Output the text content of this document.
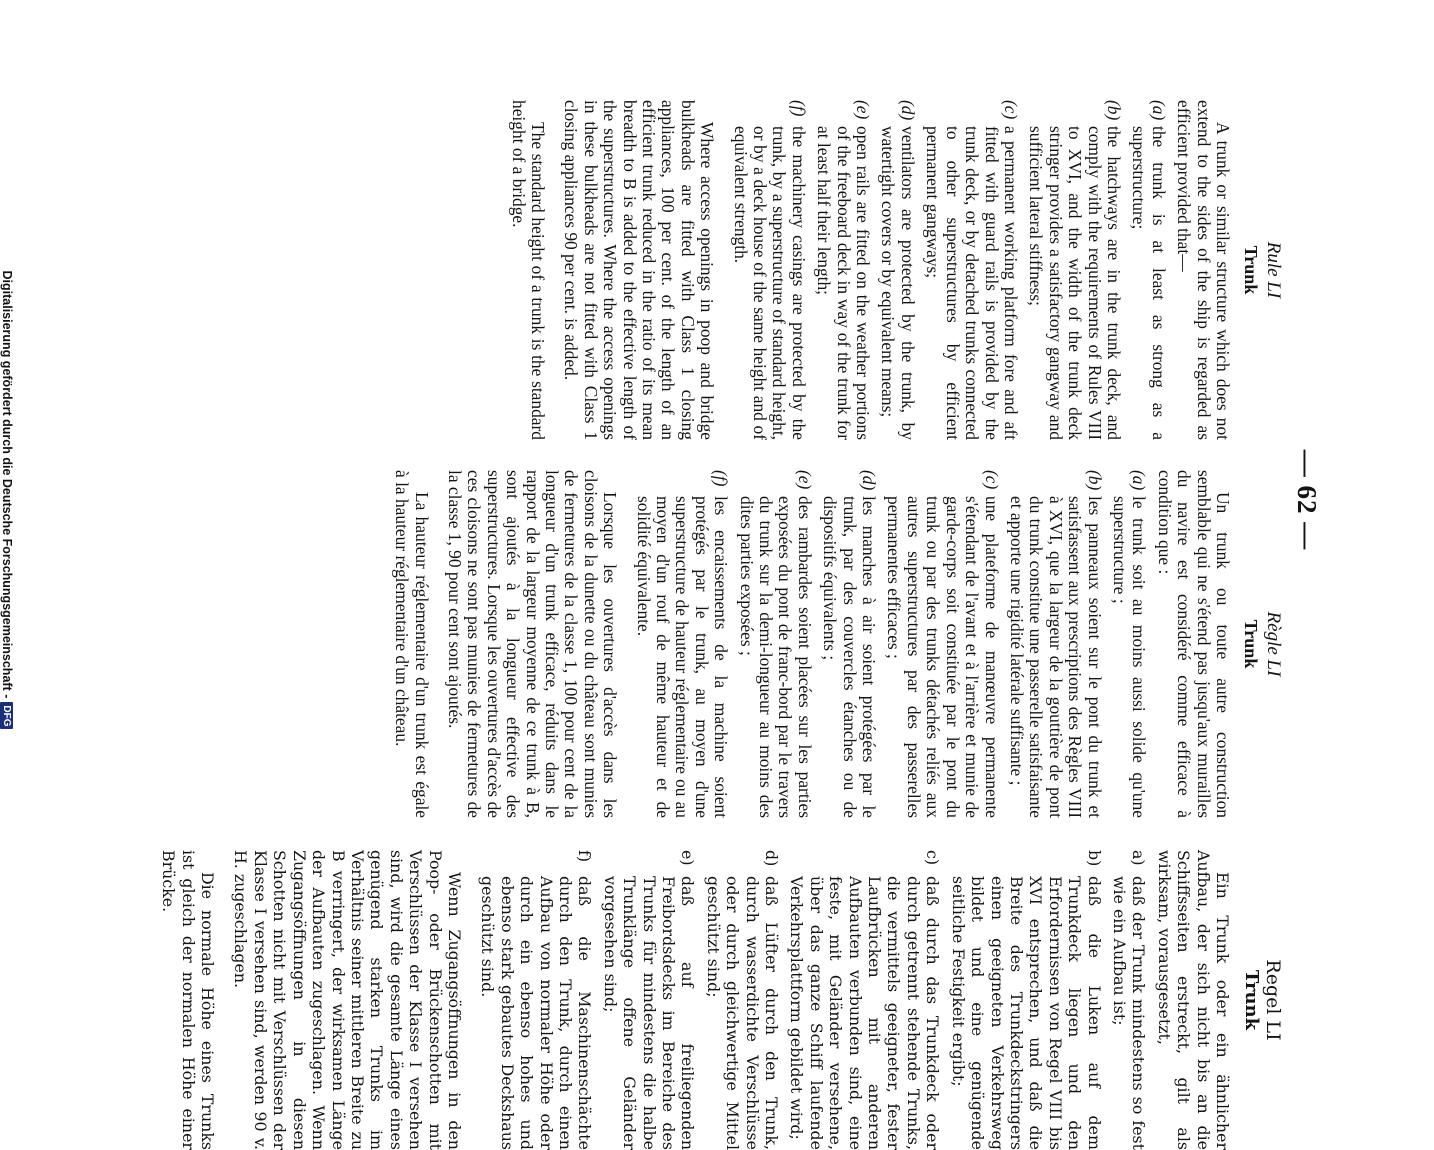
— 62 —
Rule LI
Trunk

A trunk or similar structure which does not extend to the sides of the ship is regarded as efficient provided that—

(a)
the trunk is at least as strong as a superstructure;
(b)
the hatchways are in the trunk deck, and comply with the requirements of Rules VIII to XVI, and the width of the trunk deck stringer provides a satisfactory gangway and sufficient lateral stiffness;
(c)
a permanent working platform fore and aft fitted with guard rails is provided by the trunk deck, or by detached trunks connected to other superstructures by efficient permanent gangways;
(d)
ventilators are protected by the trunk, by watertight covers or by equivalent means;
(e)
open rails are fitted on the weather portions of the freeboard deck in way of the trunk for at least half their length;
(f)
the machinery casings are protected by the trunk, by a superstructure of standard height, or by a deck house of the same height and of equivalent strength.

Where access openings in poop and bridge bulkheads are fitted with Class 1 closing appliances, 100 per cent. of the length of an efficient trunk reduced in the ratio of its mean breadth to B is added to the effective length of the superstructures. Where the access openings in these bulkheads are not fitted with Class 1 closing appliances 90 per cent. is added.

The standard height of a trunk is the standard height of a bridge.

Règle LI
Trunk

Un trunk ou toute autre construction semblable qui ne s'étend pas jusqu'aux murailles du navire est considéré comme efficace à condition que :

(a)
le trunk soit au moins aussi solide qu'une superstructure ;
(b)
les panneaux soient sur le pont du trunk et satisfassent aux prescriptions des Règles VIII à XVI, que la largeur de la gouttière de pont du trunk constitue une passerelle satisfaisante et apporte une rigidité latérale suffisante ;
(c)
une plateforme de manœuvre permanente s'étendant de l'avant et à l'arrière et munie de garde-corps soit constituée par le pont du trunk ou par des trunks détachés reliés aux autres superstructures par des passerelles permanentes efficaces ;
(d)
les manches à air soient protégées par le trunk, par des couvercles étanches ou de dispositifs équivalents ;
(e)
des rambardes soient placées sur les parties exposées du pont de franc-bord par le travers du trunk sur la demi-longueur au moins des dites parties exposées ;
(f)
les encaissements de la machine soient protégés par le trunk, au moyen d'une superstructure de hauteur réglementaire ou au moyen d'un rouf de même hauteur et de solidité équivalente.

Lorsque les ouvertures d'accès dans les cloisons de la dunette ou du château sont munies de fermetures de la classe 1, 100 pour cent de la longueur d'un trunk efficace, réduits dans le rapport de la largeur moyenne de ce trunk à B, sont ajoutés à la longueur effective des superstructures. Lorsque les ouvertures d'accès de ces cloisons ne sont pas munies de fermetures de la classe 1, 90 pour cent sont ajoutés.

La hauteur réglementaire d'un trunk est égale à la hauteur réglementaire d'un château.

Regel LI
Trunk

Ein Trunk oder ein ähnlicher Aufbau, der sich nicht bis an die Schiffsseiten erstreckt, gilt als wirksam, vorausgesetzt,

a)
daß der Trunk mindestens so fest wie ein Aufbau ist;
b)
daß die Luken auf dem Trunkdeck liegen und den Erfordernissen von Regel VIII bis XVI entsprechen, und daß die Breite des Trunkdeckstringers einen geeigneten Verkehrsweg bildet und eine genügende seitliche Festigkeit ergibt;
c)
daß durch das Trunkdeck oder durch getrennt stehende Trunks, die vermittels geeigneter, fester Laufbrücken mit anderen Aufbauten verbunden sind, eine feste, mit Geländer versehene, über das ganze Schiff laufende Verkehrsplattform gebildet wird;
d)
daß Lüfter durch den Trunk, durch wasserdichte Verschlüsse oder durch gleichwertige Mittel geschützt sind;
e)
daß auf freiliegenden Freibordsdecks im Bereiche des Trunks für mindestens die halbe Trunklänge offene Geländer vorgesehen sind;
f)
daß die Maschinenschächte durch den Trunk, durch einen Aufbau von normaler Höhe oder durch ein ebenso hohes und ebenso stark gebautes Deckshaus geschützt sind.

Wenn Zugangsöffnungen in den Poop- oder Brückenschotten mit Verschlüssen der Klasse I versehen sind, wird die gesamte Länge eines genügend starken Trunks im Verhältnis seiner mittleren Breite zu B verringert, der wirksamen Länge der Aufbauten zugeschlagen. Wenn Zugangsöffnungen in diesen Schotten nicht mit Verschlüssen der Klasse I versehen sind, werden 90 v. H. zugeschlagen.

Die normale Höhe eines Trunks ist gleich der normalen Höhe einer Brücke.

Digitalisierung gefördert durch die Deutsche Forschungsgemeinschaft -DFG
